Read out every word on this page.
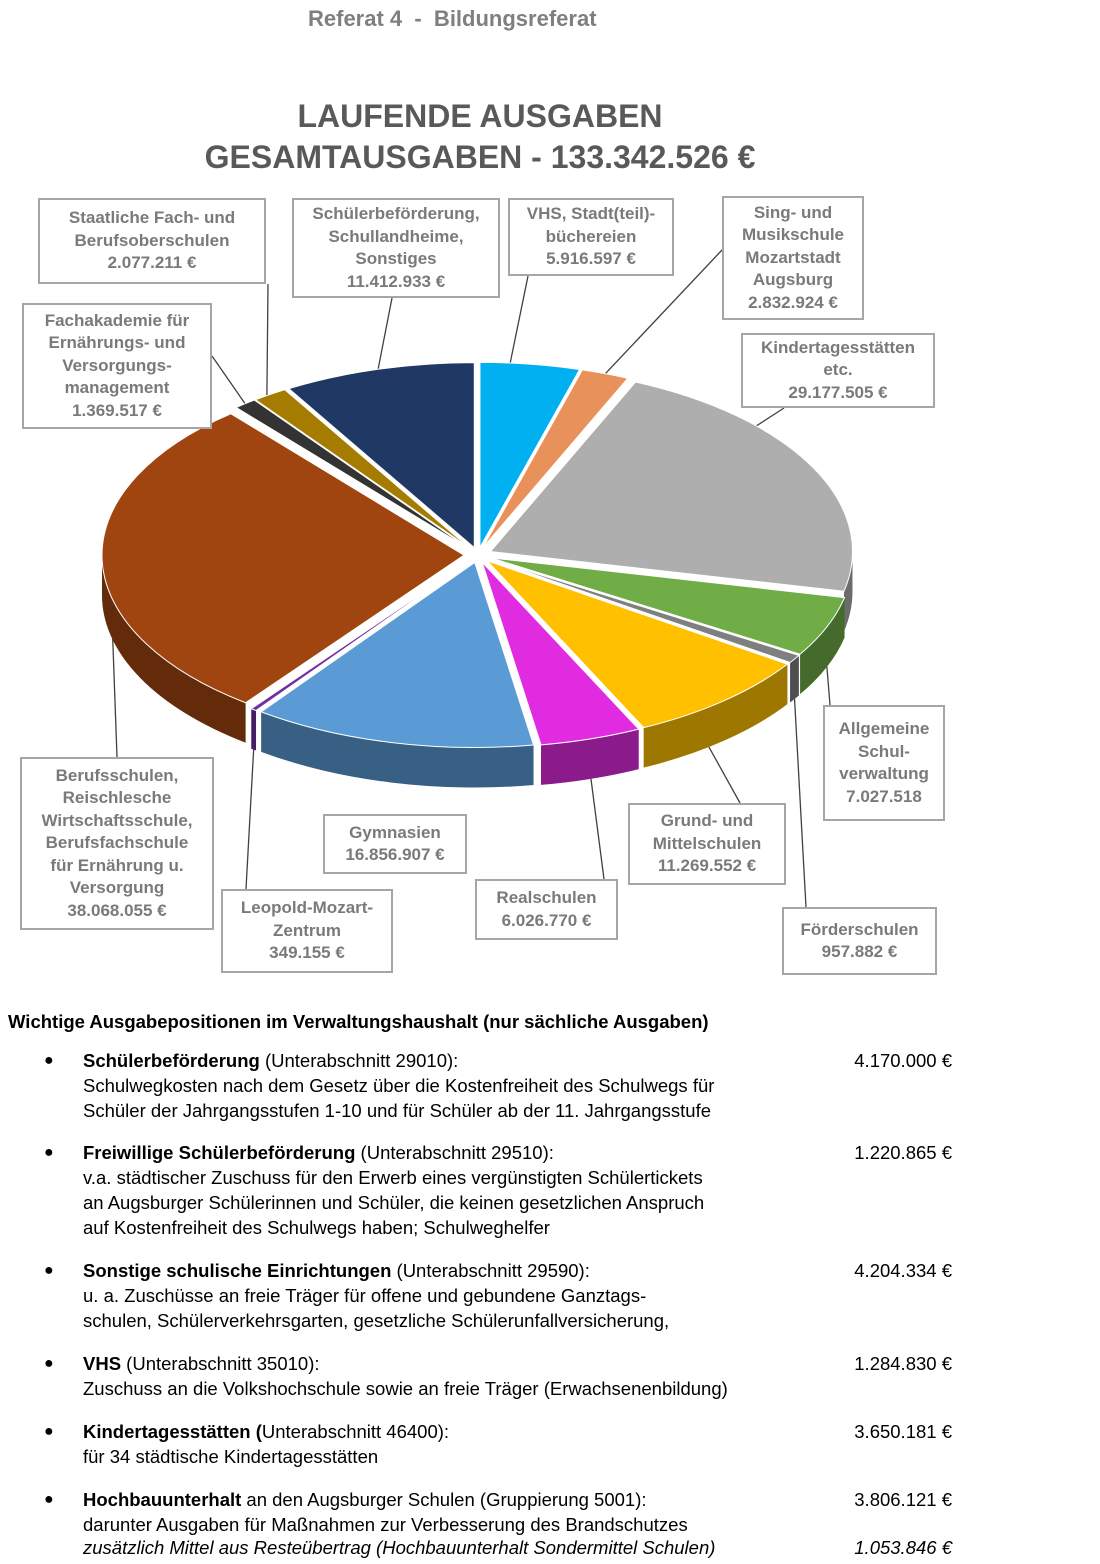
Referat 4  -  Bildungsreferat
LAUFENDE AUSGABEN
GESAMTAUSGABEN - 133.342.526 €
Staatliche Fach- und
Berufsoberschulen
2.077.211 €
Schülerbeförderung,
Schullandheime,
Sonstiges
11.412.933 €
VHS, Stadt(teil)-
büchereien
5.916.597 €
Sing- und
Musikschule
Mozartstadt
Augsburg
2.832.924 €
Fachakademie für
Ernährungs- und
Versorgungs-
management
1.369.517 €
Kindertagesstätten
etc.
29.177.505 €
Allgemeine
Schul-
verwaltung
7.027.518
Berufsschulen,
Reischlesche
Wirtschaftsschule,
Berufsfachschule
für Ernährung u.
Versorgung
38.068.055 €
Gymnasien
16.856.907 €
Grund- und
Mittelschulen
11.269.552 €
Realschulen
6.026.770 €
Leopold-Mozart-
Zentrum
349.155 €
Förderschulen
957.882 €
Wichtige Ausgabepositionen im Verwaltungshaushalt (nur sächliche Ausgaben)
● Schülerbeförderung (Unterabschnitt 29010):	4.170.000 €
Schulwegkosten nach dem Gesetz über die Kostenfreiheit des Schulwegs für
Schüler der Jahrgangsstufen 1-10 und für Schüler ab der 11. Jahrgangsstufe
● Freiwillige Schülerbeförderung (Unterabschnitt 29510):	1.220.865 €
v.a. städtischer Zuschuss für den Erwerb eines vergünstigten Schülertickets
an Augsburger Schülerinnen und Schüler, die keinen gesetzlichen Anspruch
auf Kostenfreiheit des Schulwegs haben; Schulweghelfer
● Sonstige schulische Einrichtungen (Unterabschnitt 29590):	4.204.334 €
u. a. Zuschüsse an freie Träger für offene und gebundene Ganztags-
schulen, Schülerverkehrsgarten, gesetzliche Schülerunfallversicherung,
● VHS (Unterabschnitt 35010):	1.284.830 €
Zuschuss an die Volkshochschule sowie an freie Träger (Erwachsenenbildung)
● Kindertagesstätten (Unterabschnitt 46400):	3.650.181 €
für 34 städtische Kindertagesstätten
● Hochbauunterhalt an den Augsburger Schulen (Gruppierung 5001):	3.806.121 €
darunter Ausgaben für Maßnahmen zur Verbesserung des Brandschutzes
zusätzlich Mittel aus Resteübertrag (Hochbauunterhalt Sondermittel Schulen)	1.053.846 €
